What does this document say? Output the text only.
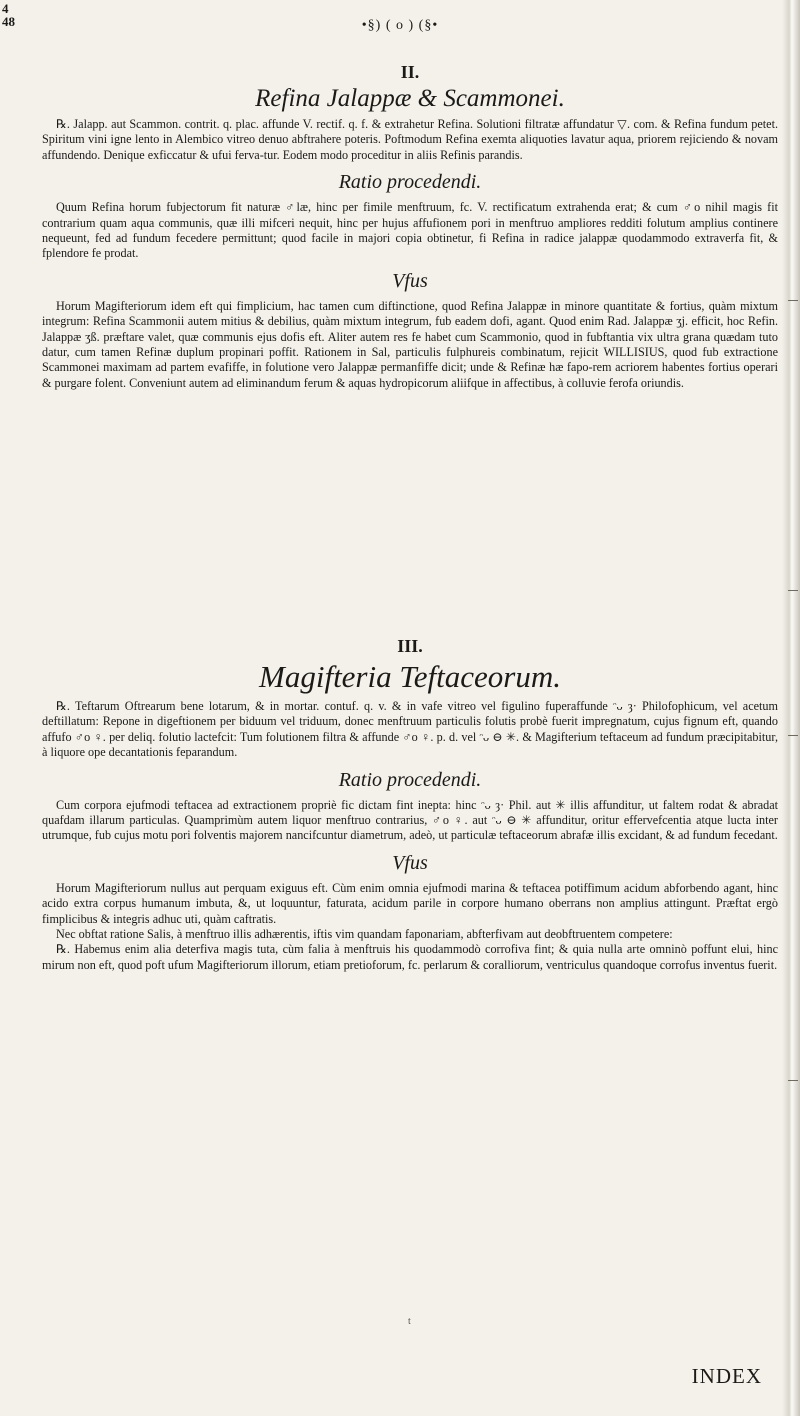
4
48	•§) ( o ) (§•
II.
Refina Jalappæ & Scammonei.

℞. Jalapp. aut Scammon. contrit. q. plac. affunde V. rectif. q. f. & extrahetur Refina. Solutioni filtratæ affundatur ▽. com. & Refina fundum petet. Spiritum vini igne lento in Alembico vitreo denuo abftrahere poteris. Poftmodum Refina exemta aliquoties lavatur aqua, priorem rejiciendo & novam affundendo. Denique exficcatur & ufui ferva-tur. Eodem modo proceditur in aliis Refinis parandis.

Ratio procedendi.

Quum Refina horum fubjectorum fit naturæ ♂læ, hinc per fimile menftruum, fc. V. rectificatum extrahenda erat; & cum ♂o nihil magis fit contrarium quam aqua communis, quæ illi mifceri nequit, hinc per hujus affufionem pori in menftruo ampliores redditi folutum amplius continere nequeunt, fed ad fundum fecedere permittunt; quod facile in majori copia obtinetur, fi Refina in radice jalappæ quodammodo extraverfa fit, & fplendore fe prodat.

Vfus

Horum Magifteriorum idem eft qui fimplicium, hac tamen cum diftinctione, quod Refina Jalappæ in minore quantitate & fortius, quàm mixtum integrum: Refina Scammonii autem mitius & debilius, quàm mixtum integrum, fub eadem dofi, agant. Quod enim Rad. Jalappæ ʒj. efficit, hoc Refin. Jalappæ ʒß. præftare valet, quæ communis ejus dofis eft. Aliter autem res fe habet cum Scammonio, quod in fubftantia vix ultra grana quædam tuto datur, cum tamen Refinæ duplum propinari poffit. Rationem in Sal, particulis fulphureis combinatum, rejicit WILLISIUS, quod fub extractione Scammonei maximam ad partem evafiffe, in folutione vero Jalappæ permanfiffe dicit; unde & Refinæ hæ fapo-rem acriorem habentes fortius operari & purgare folent. Conveniunt autem ad eliminandum ferum & aquas hydropicorum aliifque in affectibus, à colluvie ferofa oriundis.

III.
Magifteria Teftaceorum.

℞. Teftarum Oftrearum bene lotarum, & in mortar. contuf. q. v. & in vafe vitreo vel figulino fuperaffunde ᵔᴗ ȝ· Philofophicum, vel acetum deftillatum: Repone in digeftionem per biduum vel triduum, donec menftruum particulis folutis probè fuerit impregnatum, cujus fignum eft, quando affufo ♂o ♀. per deliq. folutio lactefcit: Tum folutionem filtra & affunde ♂o ♀. p. d. vel ᵔᴗ ⊖ ✳. & Magifterium teftaceum ad fundum præcipitabitur, à liquore ope decantationis feparandum.

Ratio procedendi.

Cum corpora ejufmodi teftacea ad extractionem propriè fic dictam fint inepta: hinc ᵔᴗ ȝ· Phil. aut ✳ illis affunditur, ut faltem rodat & abradat quafdam illarum particulas. Quamprimùm autem liquor menftruo contrarius, ♂o ♀. aut ᵔᴗ ⊖ ✳ affunditur, oritur effervefcentia atque lucta inter utrumque, fub cujus motu pori folventis majorem nancifcuntur diametrum, adeò, ut particulæ teftaceorum abrafæ illis excidant, & ad fundum fecedant.

Vfus

Horum Magifteriorum nullus aut perquam exiguus eft. Cùm enim omnia ejufmodi marina & teftacea potiffimum acidum abforbendo agant, hinc acido extra corpus humanum imbuta, &, ut loquuntur, faturata, acidum parile in corpore humano oberrans non amplius attingunt. Præftat ergò fimplicibus & integris adhuc uti, quàm caftratis.

Nec obftat ratione Salis, à menftruo illis adhærentis, iftis vim quandam faponariam, abfterfivam aut deobftruentem competere:

℞. Habemus enim alia deterfiva magis tuta, cùm falia à menftruis his quodammodò corrofiva fint; & quia nulla arte omninò poffunt elui, hinc mirum non eft, quod poft ufum Magifteriorum illorum, etiam pretioforum, fc. perlarum & coralliorum, ventriculus quandoque corrofus inventus fuerit.

t
INDEX
